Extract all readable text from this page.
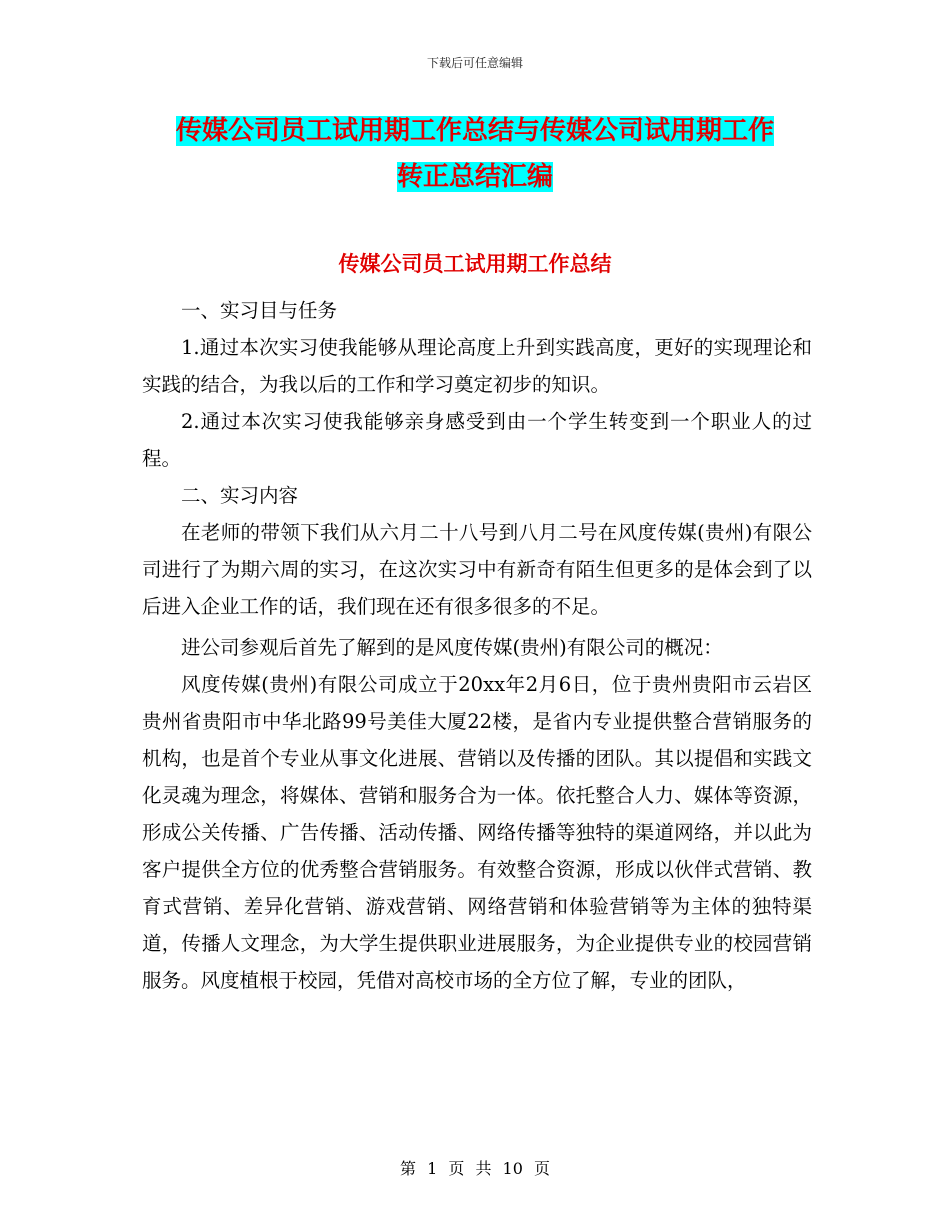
下载后可任意编辑
传媒公司员工试用期工作总结与传媒公司试用期工作
转正总结汇编
传媒公司员工试用期工作总结

一、实习目与任务

1.通过本次实习使我能够从理论高度上升到实践高度，更好的实现理论和实践的结合，为我以后的工作和学习奠定初步的知识。

2.通过本次实习使我能够亲身感受到由一个学生转变到一个职业人的过程。

二、实习内容

在老师的带领下我们从六月二十八号到八月二号在风度传媒(贵州)有限公司进行了为期六周的实习，在这次实习中有新奇有陌生但更多的是体会到了以后进入企业工作的话，我们现在还有很多很多的不足。

进公司参观后首先了解到的是风度传媒(贵州)有限公司的概况：

风度传媒(贵州)有限公司成立于20xx年2月6日，位于贵州贵阳市云岩区贵州省贵阳市中华北路99号美佳大厦22楼，是省内专业提供整合营销服务的机构，也是首个专业从事文化进展、营销以及传播的团队。其以提倡和实践文化灵魂为理念，将媒体、营销和服务合为一体。依托整合人力、媒体等资源，形成公关传播、广告传播、活动传播、网络传播等独特的渠道网络，并以此为客户提供全方位的优秀整合营销服务。有效整合资源，形成以伙伴式营销、教育式营销、差异化营销、游戏营销、网络营销和体验营销等为主体的独特渠道，传播人文理念，为大学生提供职业进展服务，为企业提供专业的校园营销服务。风度植根于校园，凭借对高校市场的全方位了解，专业的团队，

第 1 页 共 10 页
